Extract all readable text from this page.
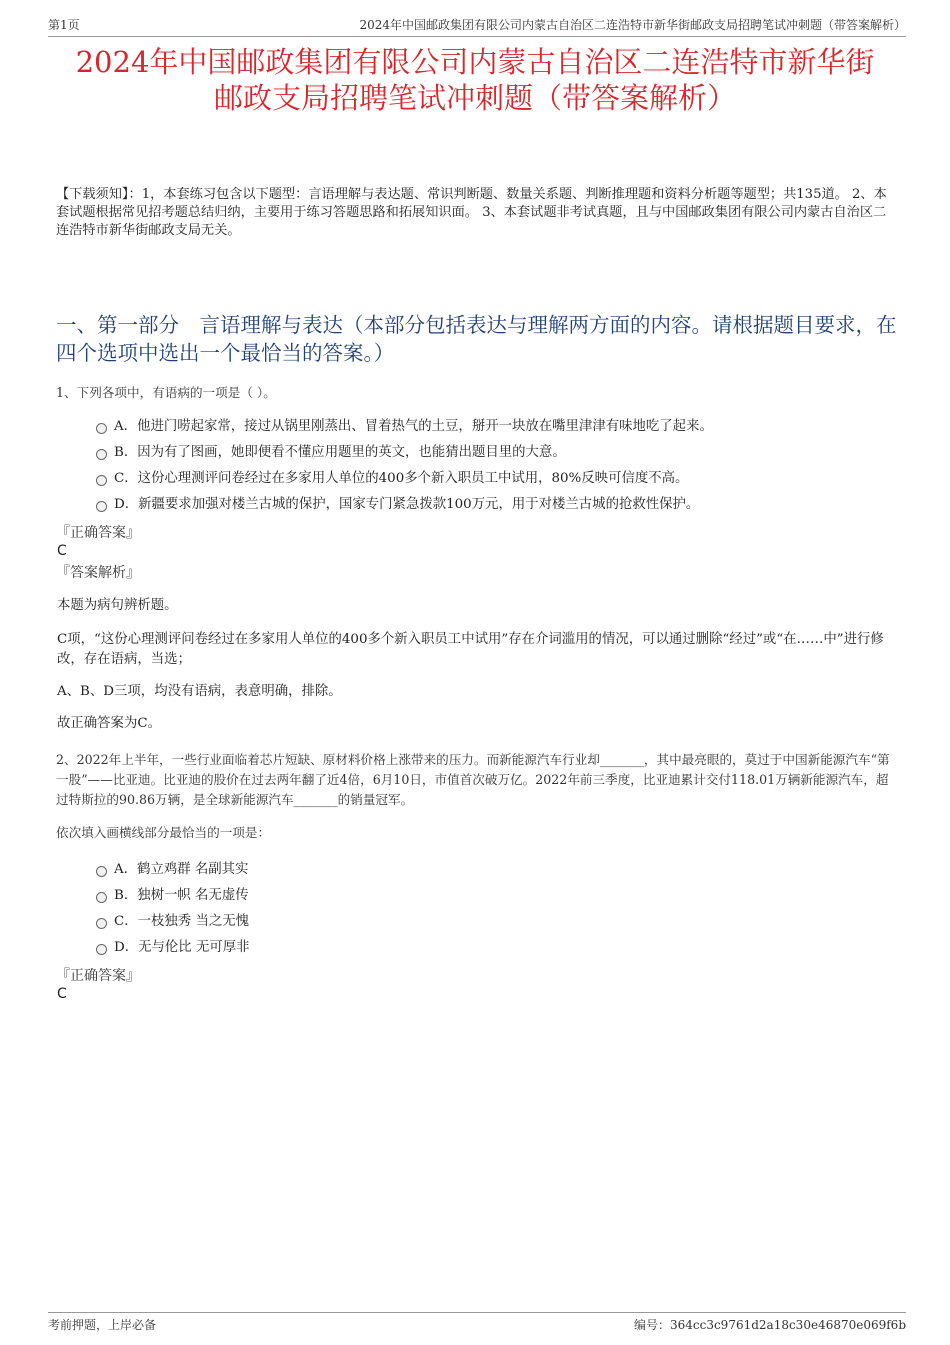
第1页	2024年中国邮政集团有限公司内蒙古自治区二连浩特市新华街邮政支局招聘笔试冲刺题（带答案解析）
2024年中国邮政集团有限公司内蒙古自治区二连浩特市新华街
邮政支局招聘笔试冲刺题（带答案解析）
【下载须知】：1，本套练习包含以下题型：言语理解与表达题、常识判断题、数量关系题、判断推理题和资料分析题等题型；共135道。 2、本套试题根据常见招考题总结归纳，主要用于练习答题思路和拓展知识面。 3、本套试题非考试真题，且与中国邮政集团有限公司内蒙古自治区二连浩特市新华街邮政支局无关。
一、第一部分　言语理解与表达（本部分包括表达与理解两方面的内容。请根据题目要求，在四个选项中选出一个最恰当的答案。）
1、下列各项中，有语病的一项是（ ）。
A．他进门唠起家常，接过从锅里刚蒸出、冒着热气的土豆，掰开一块放在嘴里津津有味地吃了起来。
B．因为有了图画，她即便看不懂应用题里的英文，也能猜出题目里的大意。
C．这份心理测评问卷经过在多家用人单位的400多个新入职员工中试用，80%反映可信度不高。
D．新疆要求加强对楼兰古城的保护，国家专门紧急拨款100万元，用于对楼兰古城的抢救性保护。
『正确答案』
C
『答案解析』
本题为病句辨析题。
C项，“这份心理测评问卷经过在多家用人单位的400多个新入职员工中试用”存在介词滥用的情况，可以通过删除“经过”或“在……中”进行修改，存在语病，当选；
A、B、D三项，均没有语病，表意明确，排除。
故正确答案为C。
2、2022年上半年，一些行业面临着芯片短缺、原材料价格上涨带来的压力。而新能源汽车行业却_______，其中最亮眼的，莫过于中国新能源汽车“第一股”——比亚迪。比亚迪的股价在过去两年翻了近4倍，6月10日，市值首次破万亿。2022年前三季度，比亚迪累计交付118.01万辆新能源汽车，超过特斯拉的90.86万辆，是全球新能源汽车_______的销量冠军。
依次填入画横线部分最恰当的一项是：
A．鹤立鸡群 名副其实
B．独树一帜 名无虚传
C．一枝独秀 当之无愧
D．无与伦比 无可厚非
『正确答案』
C
考前押题，上岸必备	编号：364cc3c9761d2a18c30e46870e069f6b
